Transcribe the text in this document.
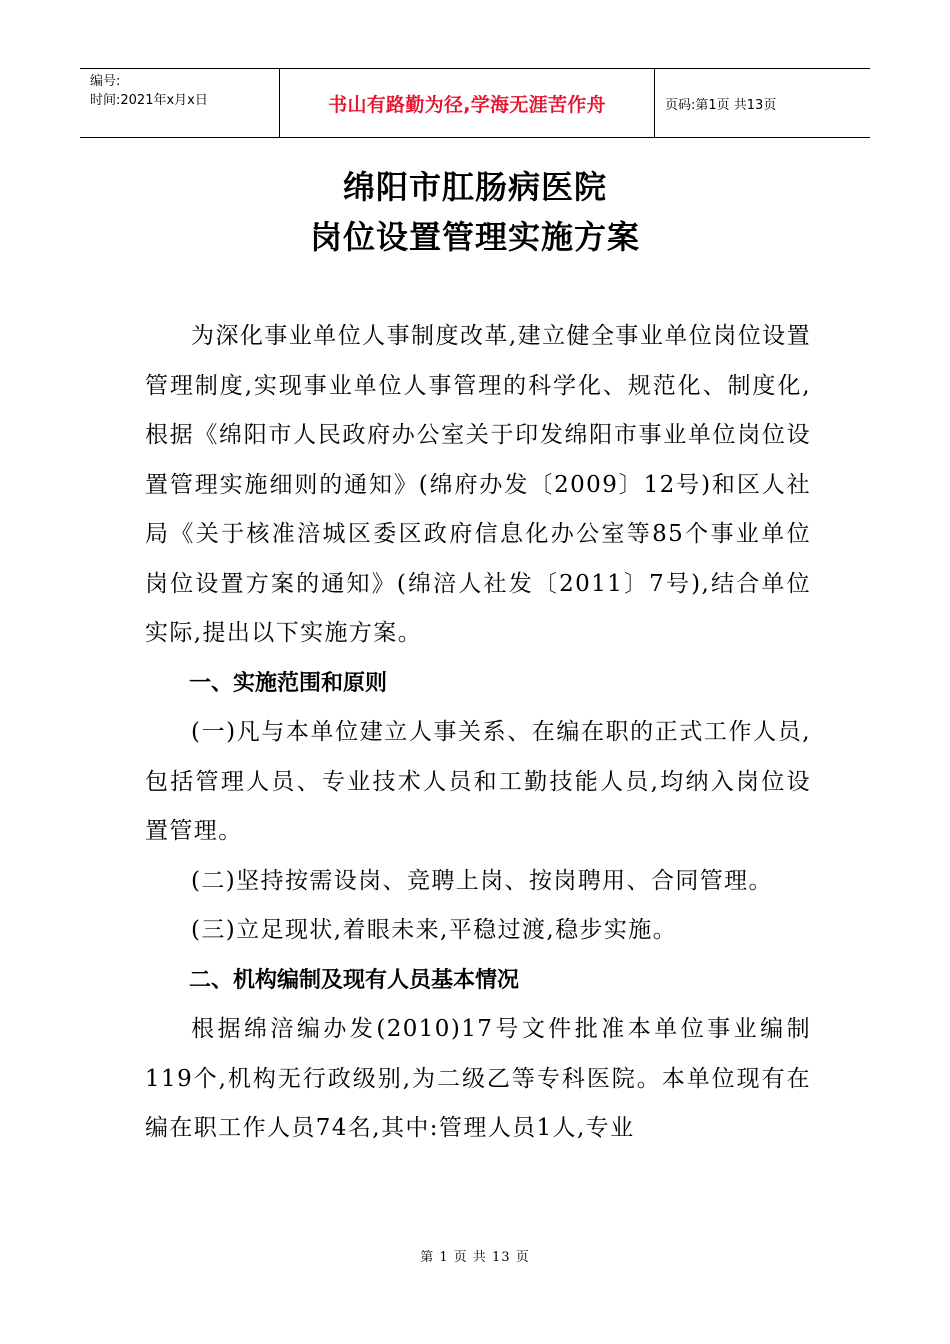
编号:
时间:2021年x月x日	书山有路勤为径,学海无涯苦作舟	页码:第1页 共13页
绵阳市肛肠病医院
岗位设置管理实施方案

为深化事业单位人事制度改革,建立健全事业单位岗位设置管理制度,实现事业单位人事管理的科学化、规范化、制度化,根据《绵阳市人民政府办公室关于印发绵阳市事业单位岗位设置管理实施细则的通知》(绵府办发〔2009〕12号)和区人社局《关于核准涪城区委区政府信息化办公室等85个事业单位岗位设置方案的通知》(绵涪人社发〔2011〕7号),结合单位实际,提出以下实施方案。

一、实施范围和原则

(一)凡与本单位建立人事关系、在编在职的正式工作人员,包括管理人员、专业技术人员和工勤技能人员,均纳入岗位设置管理。

(二)坚持按需设岗、竞聘上岗、按岗聘用、合同管理。

(三)立足现状,着眼未来,平稳过渡,稳步实施。

二、机构编制及现有人员基本情况

根据绵涪编办发(2010)17号文件批准本单位事业编制119个,机构无行政级别,为二级乙等专科医院。本单位现有在编在职工作人员74名,其中:管理人员1人,专业

第 1 页 共 13 页
